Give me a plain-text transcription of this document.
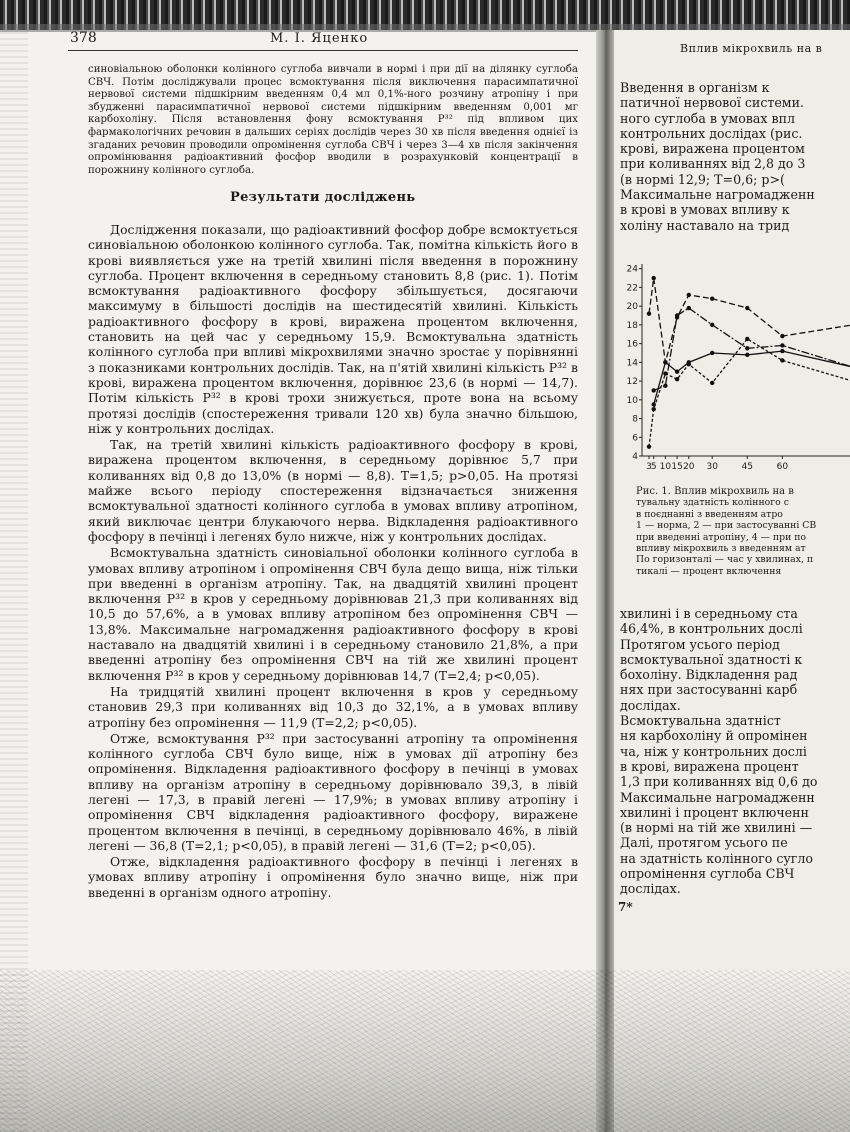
378	М. І. Яценко
Вплив мікрохвиль на в
синовіальною оболонки колінного суглоба вивчали в нормі і при дії на ділянку суглоба СВЧ. Потім досліджували процес всмоктування після виключення парасимпатичної нервової системи підшкірним введенням 0,4 мл 0,1%-ного розчину атропіну і при збудженні парасимпатичної нервової системи підшкірним введенням 0,001 мг карбохоліну. Після встановлення фону всмоктування Р³² під впливом цих фармакологічних речовин в дальших серіях дослідів через 30 хв після введення однієї із згаданих речовин проводили опромінення суглоба СВЧ і через 3—4 хв після закінчення опромінювання радіоактивний фосфор вводили в розрахунковій концентрації в порожнину колінного суглоба.
Результати досліджень

Дослідження показали, що радіоактивний фосфор добре всмоктується синовіальною оболонкою колінного суглоба. Так, помітна кількість його в крові виявляється уже на третій хвилині після введення в порожнину суглоба. Процент включення в середньому становить 8,8 (рис. 1). Потім всмоктування радіоактивного фосфору збільшується, досягаючи максимуму в більшості дослідів на шестидесятій хвилині. Кількість радіоактивного фосфору в крові, виражена процентом включення, становить на цей час у середньому 15,9. Всмоктувальна здатність колінного суглоба при впливі мікрохвилями значно зростає у порівнянні з показниками контрольних дослідів. Так, на п'ятій хвилині кількість Р³² в крові, виражена процентом включення, дорівнює 23,6 (в нормі — 14,7). Потім кількість Р³² в крові трохи знижується, проте вона на всьому протязі дослідів (спостереження тривали 120 хв) була значно більшою, ніж у контрольних дослідах.

Так, на третій хвилині кількість радіоактивного фосфору в крові, виражена процентом включення, в середньому дорівнює 5,7 при коливаннях від 0,8 до 13,0% (в нормі — 8,8). T=1,5; p>0,05. На протязі майже всього періоду спостереження відзначається зниження всмоктувальної здатності колінного суглоба в умовах впливу атропіном, який виключає центри блукаючого нерва. Відкладення радіоактивного фосфору в печінці і легенях було нижче, ніж у контрольних дослідах.

Всмоктувальна здатність синовіальної оболонки колінного суглоба в умовах впливу атропіном і опромінення СВЧ була дещо вища, ніж тільки при введенні в організм атропіну. Так, на двадцятій хвилині процент включення Р³² в кров у середньому дорівнював 21,3 при коливаннях від 10,5 до 57,6%, а в умовах впливу атропіном без опромінення СВЧ — 13,8%. Максимальне нагромадження радіоактивного фосфору в крові наставало на двадцятій хвилині і в середньому становило 21,8%, а при введенні атропіну без опромінення СВЧ на тій же хвилині процент включення Р³² в кров у середньому дорівнював 14,7 (T=2,4; p<0,05).

На тридцятій хвилині процент включення в кров у середньому становив 29,3 при коливаннях від 10,3 до 32,1%, а в умовах впливу атропіну без опромінення — 11,9 (T=2,2; p<0,05).

Отже, всмоктування Р³² при застосуванні атропіну та опромінення колінного суглоба СВЧ було вище, ніж в умовах дії атропіну без опромінення. Відкладення радіоактивного фосфору в печінці в умовах впливу на організм атропіну в середньому дорівнювало 39,3, в лівій легені — 17,3, в правій легені — 17,9%; в умовах впливу атропіну і опромінення СВЧ відкладення радіоактивного фосфору, виражене процентом включення в печінці, в середньому дорівнювало 46%, в лівій легені — 36,8 (T=2,1; p<0,05), в правій легені — 31,6 (T=2; p<0,05).

Отже, відкладення радіоактивного фосфору в печінці і легенях в умовах впливу атропіну і опромінення було значно вище, ніж при введенні в організм одного атропіну.

Введення в організм к
патичної нервової системи.
ного суглоба в умовах впл
контрольних дослідах (рис.
крові, виражена процентом
при коливаннях від 2,8 до 3
(в нормі 12,9; T=0,6; p>(
Максимальне нагромадженн
в крові в умовах впливу к
холіну наставало на трид
4
6
8
10
12
14
16
18
20
22
24
3
5 10 15 20 30	45	60
Рис. 1. Вплив мікрохвиль на в
тувальну здатність колінного с
в поєднанні з введенням атро
1 — норма, 2 — при застосуванні СВ
при введенні атропіну, 4 — при по
впливу мікрохвиль з введенням ат
По горизонталі — час у хвилинах, п
тикалі — процент включення
хвилині і в середньому ста
46,4%, в контрольних дослі
Протягом усього період
всмоктувальної здатності к
бохоліну. Відкладення рад
нях при застосуванні карб
дослідах.
Всмоктувальна здатніст
ня карбохоліну й опромінен
ча, ніж у контрольних дослі
в крові, виражена процент
1,3 при коливаннях від 0,6 до
Максимальне нагромадженн
хвилині і процент включенн
(в нормі на тій же хвилині —
Далі, протягом усього пе
на здатність колінного сугло
опромінення суглоба СВЧ
дослідах.
7*
